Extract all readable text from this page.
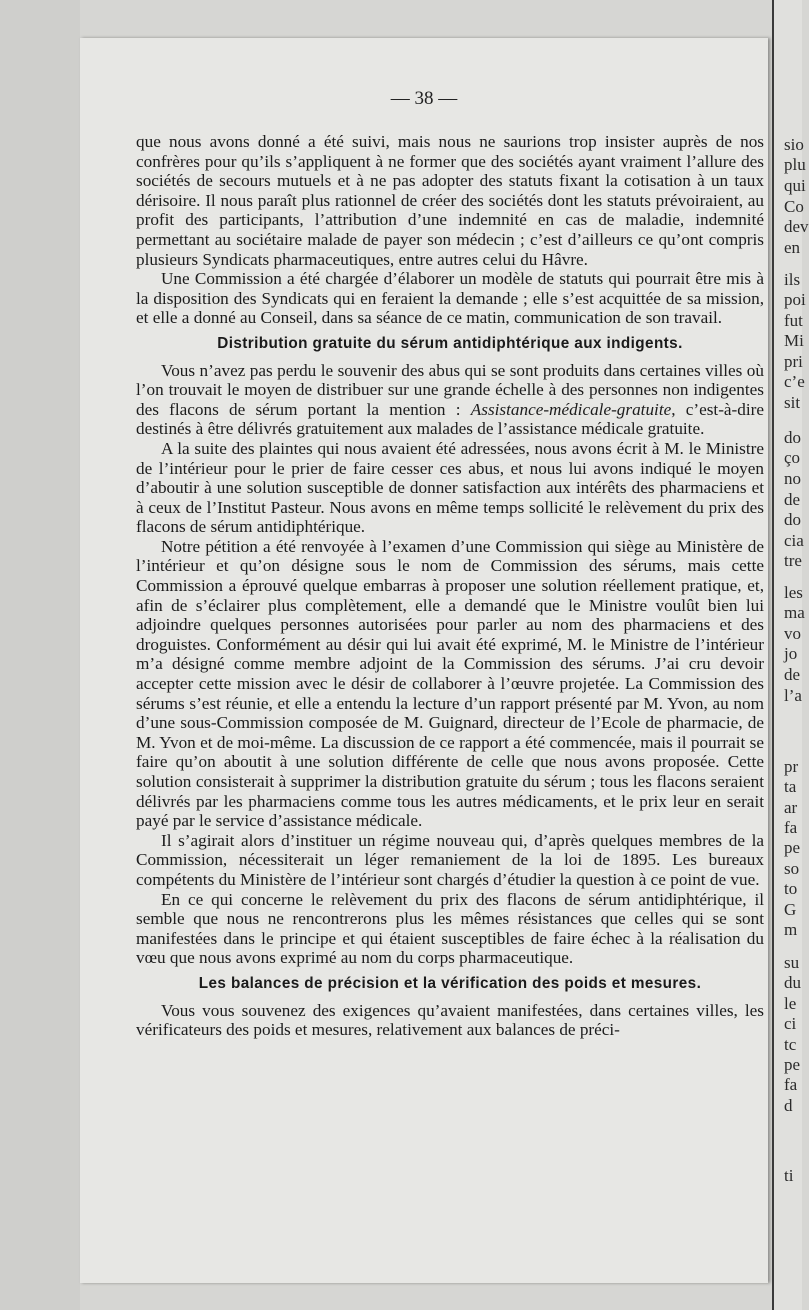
— 38 —

que nous avons donné a été suivi, mais nous ne saurions trop insister auprès de nos confrères pour qu’ils s’appliquent à ne former que des sociétés ayant vraiment l’allure des sociétés de secours mutuels et à ne pas adopter des statuts fixant la cotisation à un taux dérisoire. Il nous paraît plus rationnel de créer des sociétés dont les statuts prévoiraient, au profit des participants, l’attribution d’une indemnité en cas de maladie, indemnité permettant au sociétaire malade de payer son médecin ; c’est d’ailleurs ce qu’ont compris plusieurs Syndicats pharmaceutiques, entre autres celui du Hâvre.

Une Commission a été chargée d’élaborer un modèle de statuts qui pourrait être mis à la disposition des Syndicats qui en feraient la demande ; elle s’est acquittée de sa mission, et elle a donné au Conseil, dans sa séance de ce matin, communication de son travail.

Distribution gratuite du sérum antidiphtérique aux indigents.

Vous n’avez pas perdu le souvenir des abus qui se sont produits dans certaines villes où l’on trouvait le moyen de distribuer sur une grande échelle à des personnes non indigentes des flacons de sérum portant la mention : Assistance-médicale-gratuite, c’est-à-dire destinés à être délivrés gratuitement aux malades de l’assistance médicale gratuite.

A la suite des plaintes qui nous avaient été adressées, nous avons écrit à M. le Ministre de l’intérieur pour le prier de faire cesser ces abus, et nous lui avons indiqué le moyen d’aboutir à une solution susceptible de donner satisfaction aux intérêts des pharmaciens et à ceux de l’Institut Pasteur. Nous avons en même temps sollicité le relèvement du prix des flacons de sérum antidiphtérique.

Notre pétition a été renvoyée à l’examen d’une Commission qui siège au Ministère de l’intérieur et qu’on désigne sous le nom de Commission des sérums, mais cette Commission a éprouvé quelque embarras à proposer une solution réellement pratique, et, afin de s’éclairer plus complètement, elle a demandé que le Ministre voulût bien lui adjoindre quelques personnes autorisées pour parler au nom des pharmaciens et des droguistes. Conformément au désir qui lui avait été exprimé, M. le Ministre de l’intérieur m’a désigné comme membre adjoint de la Commission des sérums. J’ai cru devoir accepter cette mission avec le désir de collaborer à l’œuvre projetée. La Commission des sérums s’est réunie, et elle a entendu la lecture d’un rapport présenté par M. Yvon, au nom d’une sous-Commission composée de M. Guignard, directeur de l’Ecole de pharmacie, de M. Yvon et de moi-même. La discussion de ce rapport a été commencée, mais il pourrait se faire qu’on aboutit à une solution différente de celle que nous avons proposée. Cette solution consisterait à supprimer la distribution gratuite du sérum ; tous les flacons seraient délivrés par les pharmaciens comme tous les autres médicaments, et le prix leur en serait payé par le service d’assistance médicale.

Il s’agirait alors d’instituer un régime nouveau qui, d’après quelques membres de la Commission, nécessiterait un léger remaniement de la loi de 1895. Les bureaux compétents du Ministère de l’intérieur sont chargés d’étudier la question à ce point de vue.

En ce qui concerne le relèvement du prix des flacons de sérum antidiphtérique, il semble que nous ne rencontrerons plus les mêmes résistances que celles qui se sont manifestées dans le principe et qui étaient susceptibles de faire échec à la réalisation du vœu que nous avons exprimé au nom du corps pharmaceutique.

Les balances de précision et la vérification des poids et mesures.

Vous vous souvenez des exigences qu’avaient manifestées, dans certaines villes, les vérificateurs des poids et mesures, relativement aux balances de préci-

sio
plu
qui
Co
dev
en
ils
poi
fut
Mi
pri
c’e
sit
do
ço
no
de
do
cia
tre
les
ma
vo
jo
de
l’a
pr
ta
ar
fa
pe
so
to
G
m
su
du
le
ci
tc
pe
fa
d
ti
